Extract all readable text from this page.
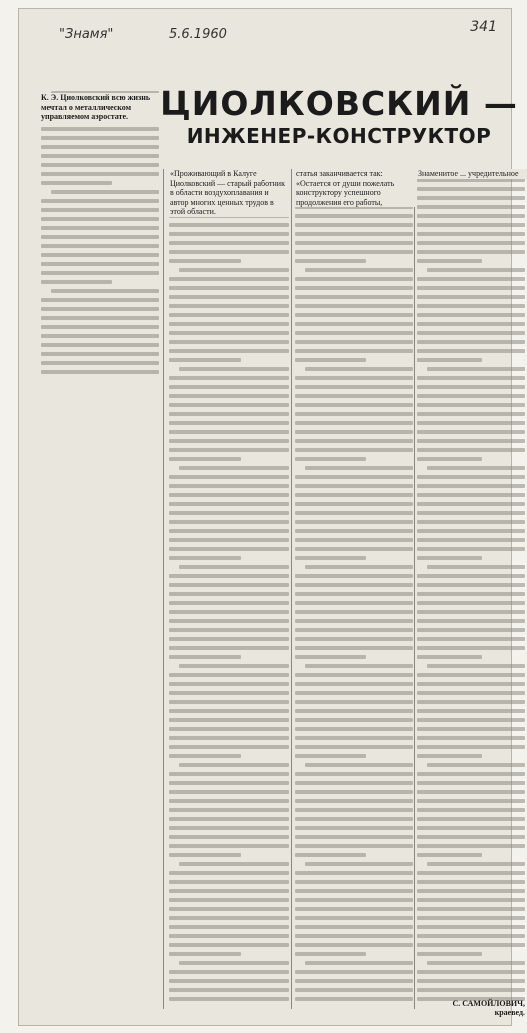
"Знамя"	5.6.1960	341
ЦИОЛКОВСКИЙ —
ИНЖЕНЕР-КОНСТРУКТОР
К. Э. Циолковский всю жизнь мечтал о металлическом управляемом аэростате.
«Проживающий в Калуге Циолковский — старый работник в области воздухоплавания и автор многих ценных трудов в этой области.
статья заканчивается так: «Остается от души пожелать конструктору успешного продолжения его работы,
Знаменитое ... учредительное
С. САМОЙЛОВИЧ,
краевед.
